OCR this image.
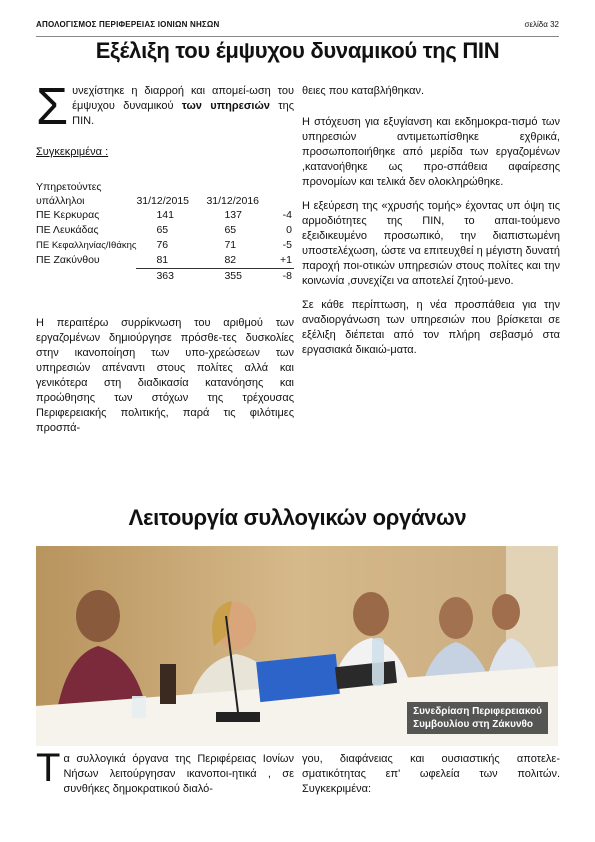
ΑΠΟΛΟΓΙΣΜΟΣ ΠΕΡΙΦΕΡΕΙΑΣ ΙΟΝΙΩΝ ΝΗΣΩΝ	σελίδα 32
Εξέλιξη του έμψυχου δυναμικού της ΠΙΝ

Συνεχίστηκε η διαρροή και απομεί-ωση του έμψυχου δυναμικού των υπηρεσιών της ΠΙΝ.

Συγκεκριμένα :
Υπηρετούντες
υπάλληλοι	31/12/2015	31/12/2016	
ΠΕ Κερκυρας	141	137	-4
ΠΕ Λευκάδας	65	65	0
ΠΕ Κεφαλληνίας/Ιθάκης	76	71	-5
ΠΕ Ζακύνθου	81	82	+1
	363	355	-8

Η περαιτέρω συρρίκνωση του αριθμού των εργαζομένων δημιούργησε πρόσθε-τες δυσκολίες στην ικανοποίηση των υπο-χρεώσεων των υπηρεσιών απέναντι στους πολίτες αλλά και γενικότερα στη διαδικασία κατανόησης και προώθησης των στόχων της τρέχουσας Περιφερειακής πολιτικής, παρά τις φιλότιμες προσπά-

θειες που καταβλήθηκαν.

Η στόχευση για εξυγίανση και εκδημοκρα-τισμό των υπηρεσιών αντιμετωπίσθηκε εχθρικά, προσωποποιήθηκε από μερίδα των εργαζομένων ,κατανοήθηκε ως προ-σπάθεια αφαίρεσης προνομίων και τελικά δεν ολοκληρώθηκε.

Η εξεύρεση της «χρυσής τομής» έχοντας υπ όψη τις αρμοδιότητες της ΠΙΝ, το απαι-τούμενο εξειδικευμένο προσωπικό, την διαπιστωμένη υποστελέχωση, ώστε να επιτευχθεί η μέγιστη δυνατή παροχή ποι-οτικών υπηρεσιών στους πολίτες και την κοινωνία ,συνεχίζει να αποτελεί ζητού-μενο.

Σε κάθε περίπτωση, η νέα προσπάθεια για την αναδιοργάνωση των υπηρεσιών που βρίσκεται σε εξέλιξη διέπεται από τον πλήρη σεβασμό στα εργασιακά δικαιώ-ματα.

Λειτουργία συλλογικών οργάνων
Συνεδρίαση Περιφερειακού
Συμβουλίου στη Ζάκυνθο
Τα συλλογικά όργανα της Περιφέρειας Ιονίων Νήσων λειτούργησαν ικανοποι-ητικά , σε συνθήκες δημοκρατικού διαλό-
γου, διαφάνειας και ουσιαστικής αποτελε-σματικότητας επ' ωφελεία των πολιτών. Συγκεκριμένα:
